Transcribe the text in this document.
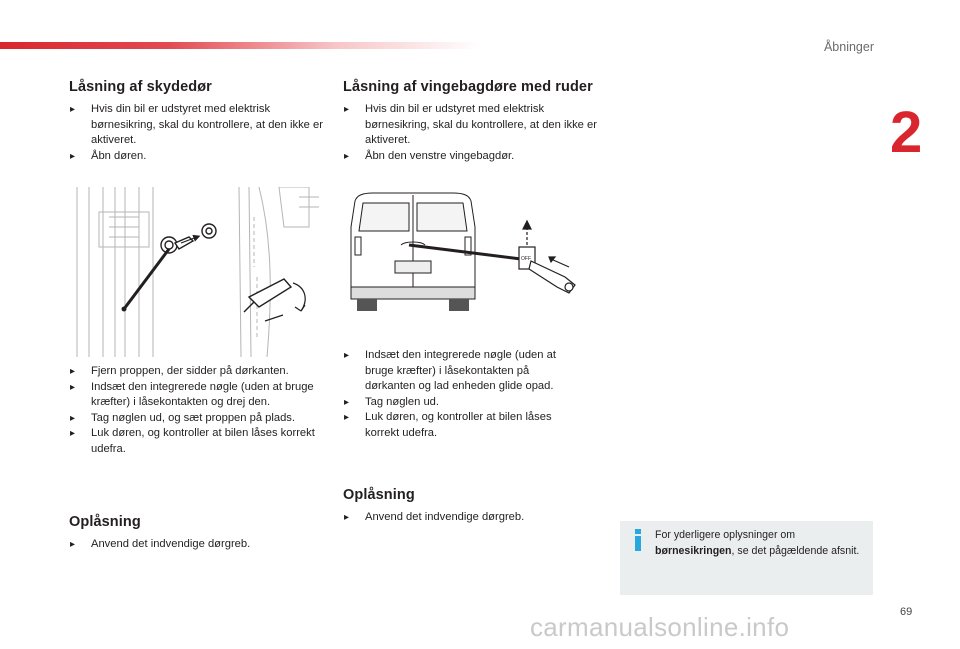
Åbninger
2
Låsning af skydedør
▸ Hvis din bil er udstyret med elektrisk børnesikring, skal du kontrollere, at den ikke er aktiveret.
▸ Åbn døren.
▸ Fjern proppen, der sidder på dørkanten.
▸ Indsæt den integrerede nøgle (uden at bruge kræfter) i låsekontakten og drej den.
▸ Tag nøglen ud, og sæt proppen på plads.
▸ Luk døren, og kontroller at bilen låses korrekt udefra.
Oplåsning
▸ Anvend det indvendige dørgreb.
Låsning af vingebagdøre med ruder
▸ Hvis din bil er udstyret med elektrisk børnesikring, skal du kontrollere, at den ikke er aktiveret.
▸ Åbn den venstre vingebagdør.
OFF
▸ Indsæt den integrerede nøgle (uden at bruge kræfter) i låsekontakten på dørkanten og lad enheden glide opad.
▸ Tag nøglen ud.
▸ Luk døren, og kontroller at bilen låses korrekt udefra.
Oplåsning
▸ Anvend det indvendige dørgreb.
For yderligere oplysninger om børnesikringen, se det pågældende afsnit.
69
carmanualsonline.info
